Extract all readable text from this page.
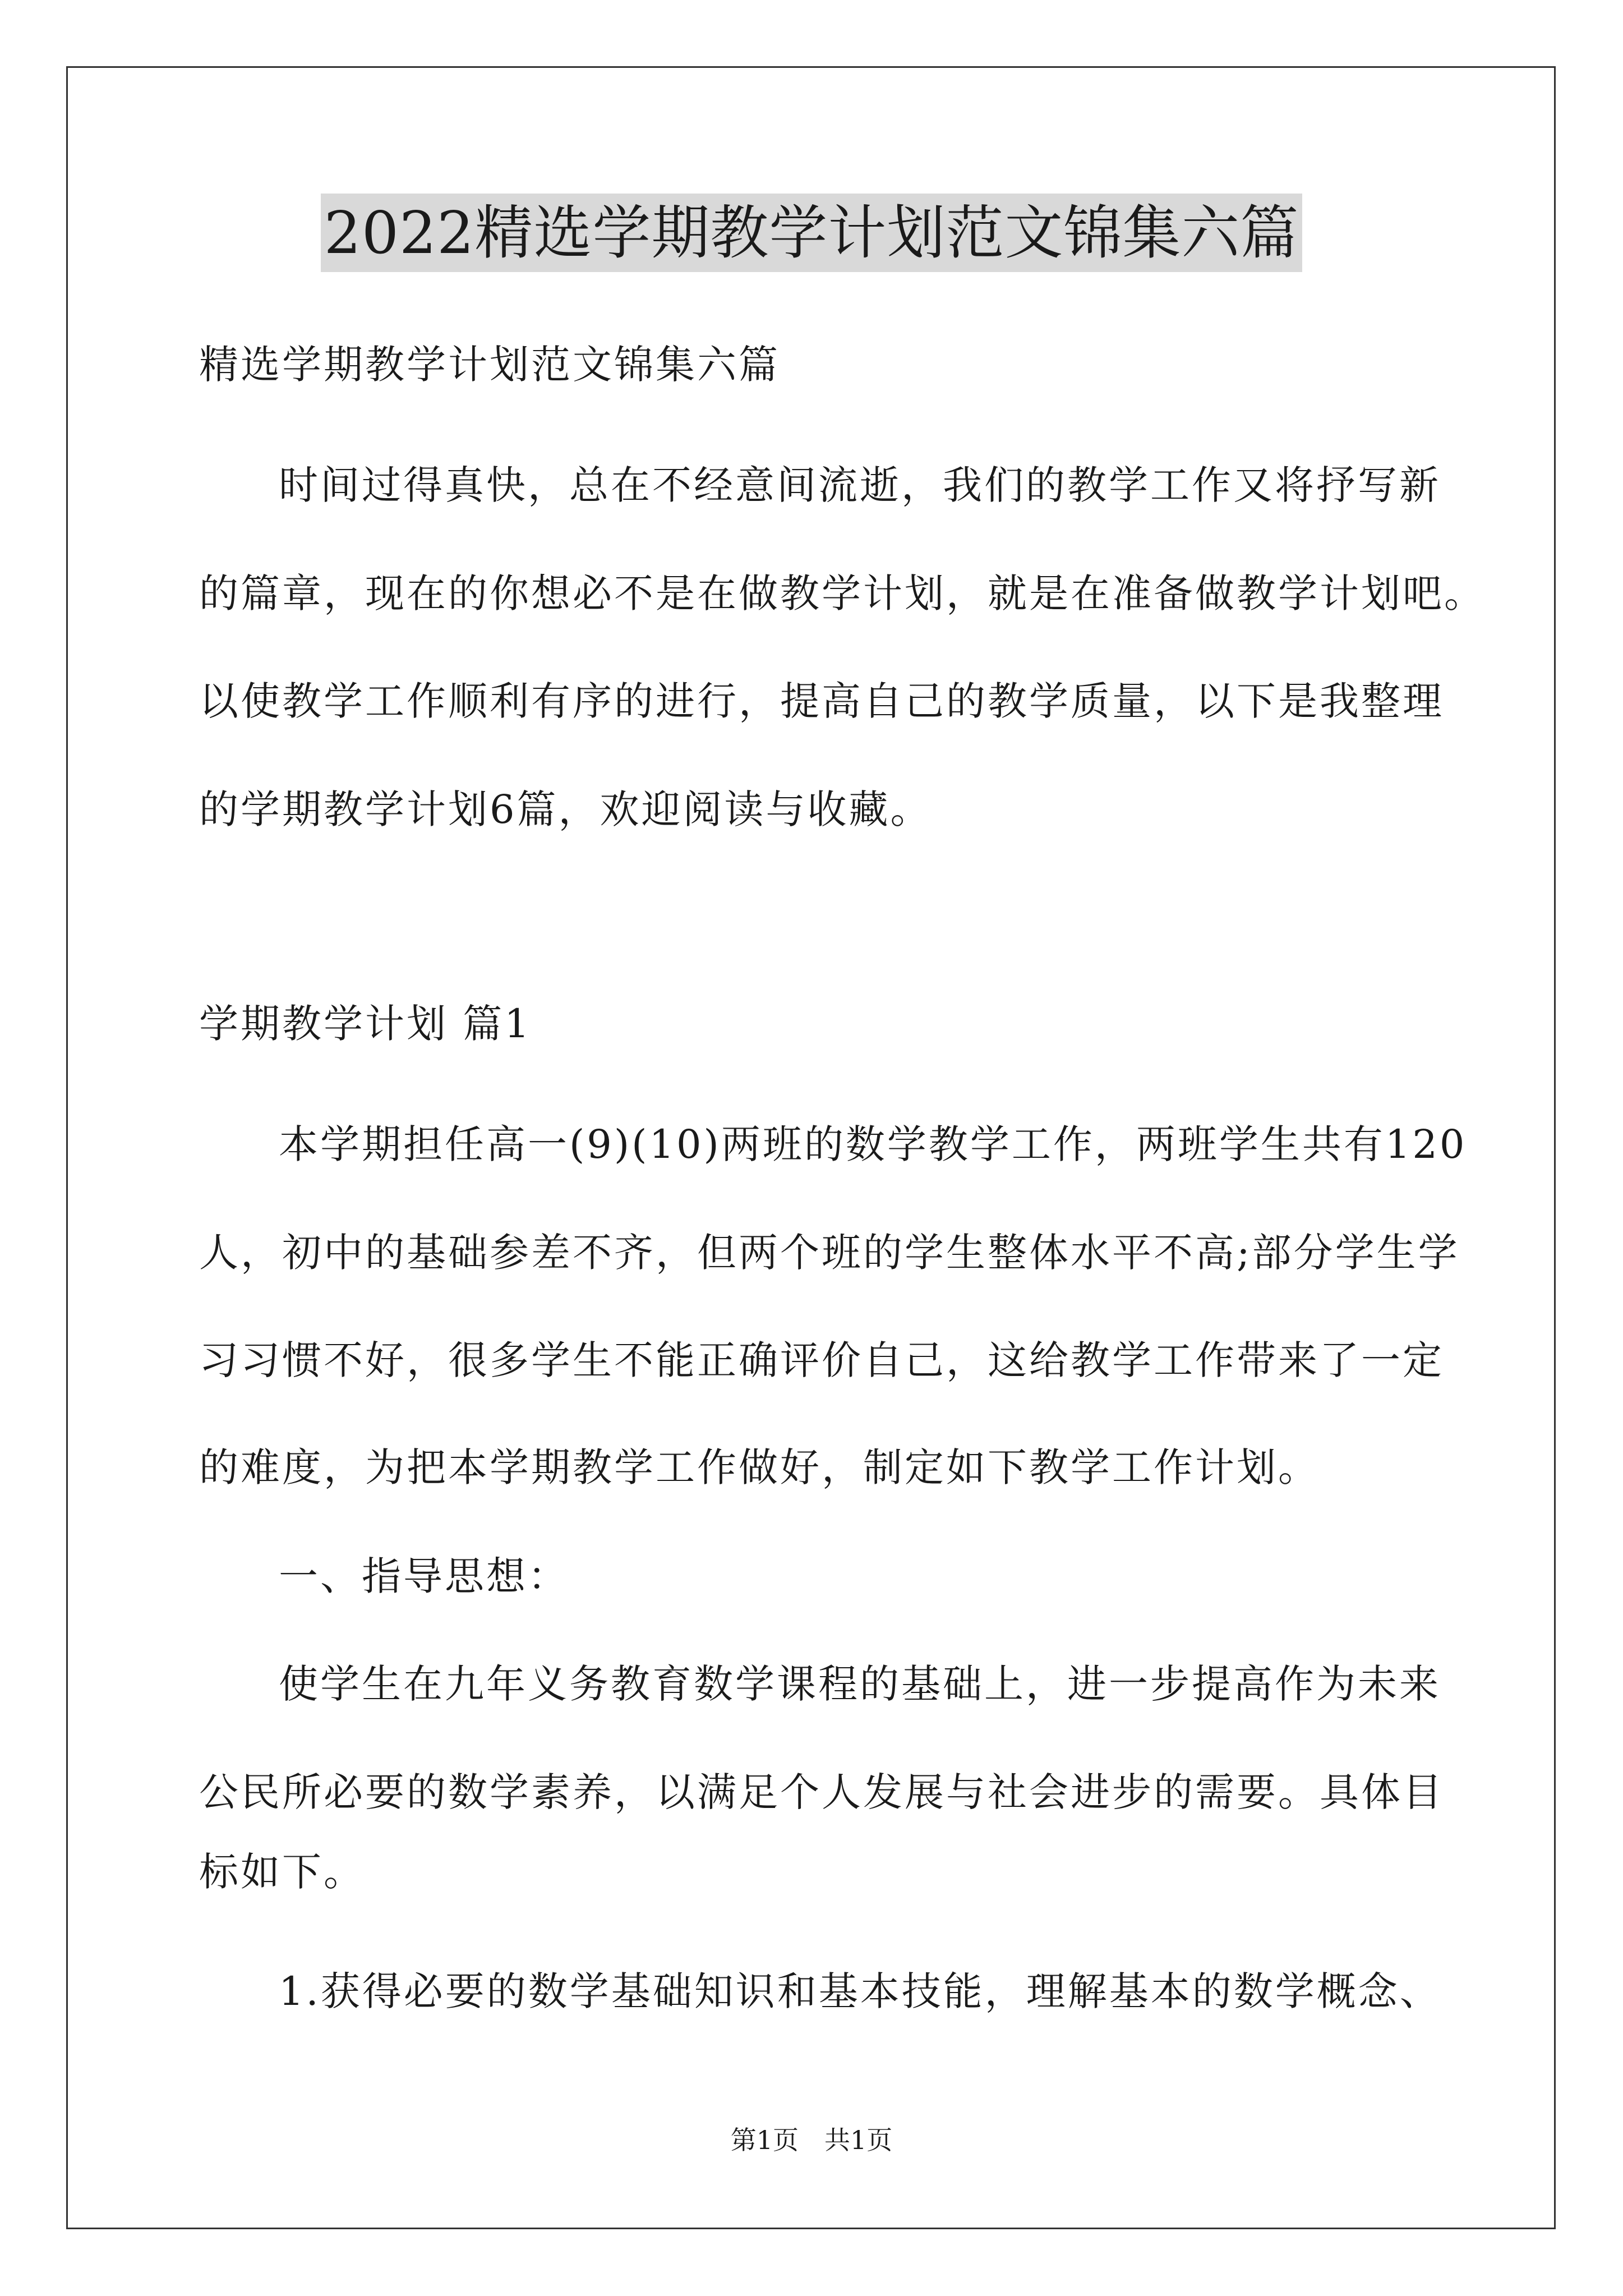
2022精选学期教学计划范文锦集六篇
精选学期教学计划范文锦集六篇
时间过得真快，总在不经意间流逝，我们的教学工作又将抒写新
的篇章，现在的你想必不是在做教学计划，就是在准备做教学计划吧。
以使教学工作顺利有序的进行，提高自己的教学质量，以下是我整理
的学期教学计划6篇，欢迎阅读与收藏。
学期教学计划 篇1
本学期担任高一(9)(10)两班的数学教学工作，两班学生共有120
人，初中的基础参差不齐，但两个班的学生整体水平不高;部分学生学
习习惯不好，很多学生不能正确评价自己，这给教学工作带来了一定
的难度，为把本学期教学工作做好，制定如下教学工作计划。
一、指导思想：
使学生在九年义务教育数学课程的基础上，进一步提高作为未来
公民所必要的数学素养，以满足个人发展与社会进步的需要。具体目
标如下。
1.获得必要的数学基础知识和基本技能，理解基本的数学概念、
第1页　共1页
